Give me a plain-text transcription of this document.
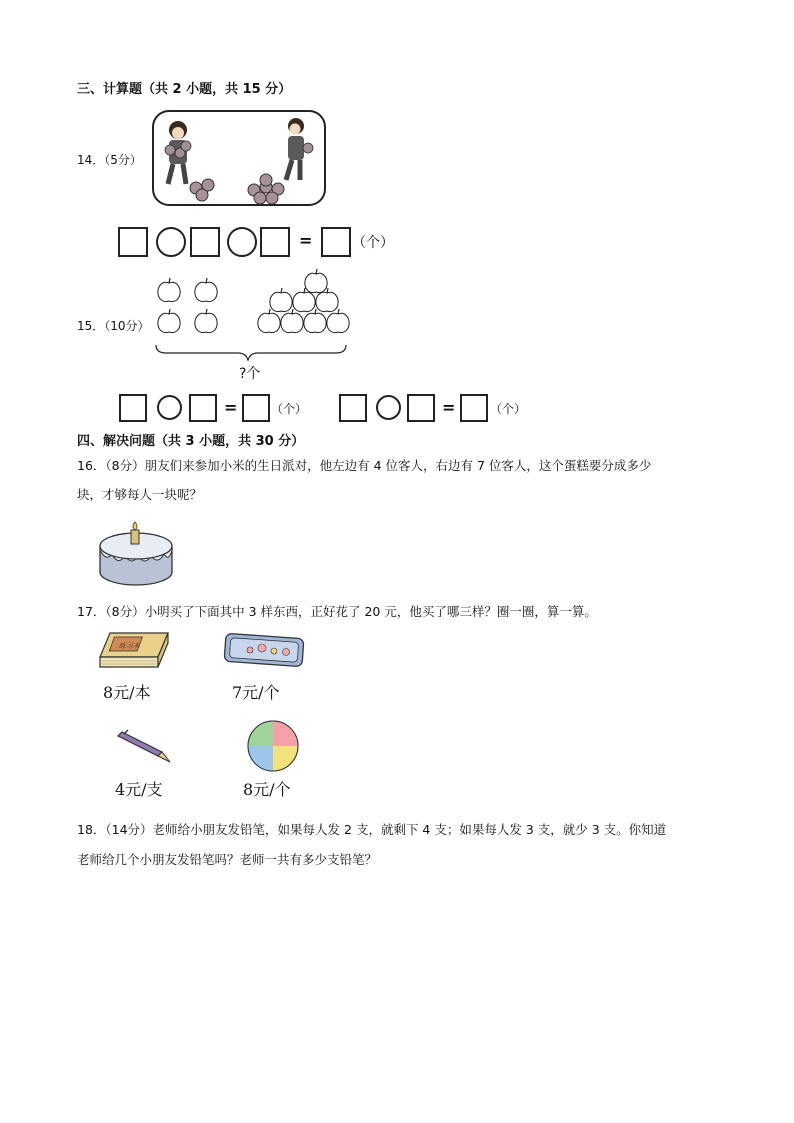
三、计算题（共 2 小题，共 15 分）
14．（5分）
=	（个）
15．（10分）
?个
=	（个）	=	（个）
四、解决问题（共 3 小题，共 30 分）
16．（8分）朋友们来参加小米的生日派对，他左边有 4 位客人，右边有 7 位客人，这个蛋糕要分成多少
块，才够每人一块呢？
17．（8分）小明买了下面其中 3 样东西，正好花了 20 元，他买了哪三样？圈一圈，算一算。
练习本
8元/本	7元/个
4元/支	8元/个
18．（14分）老师给小朋友发铅笔，如果每人发 2 支，就剩下 4 支；如果每人发 3 支，就少 3 支。你知道
老师给几个小朋友发铅笔吗？老师一共有多少支铅笔？
